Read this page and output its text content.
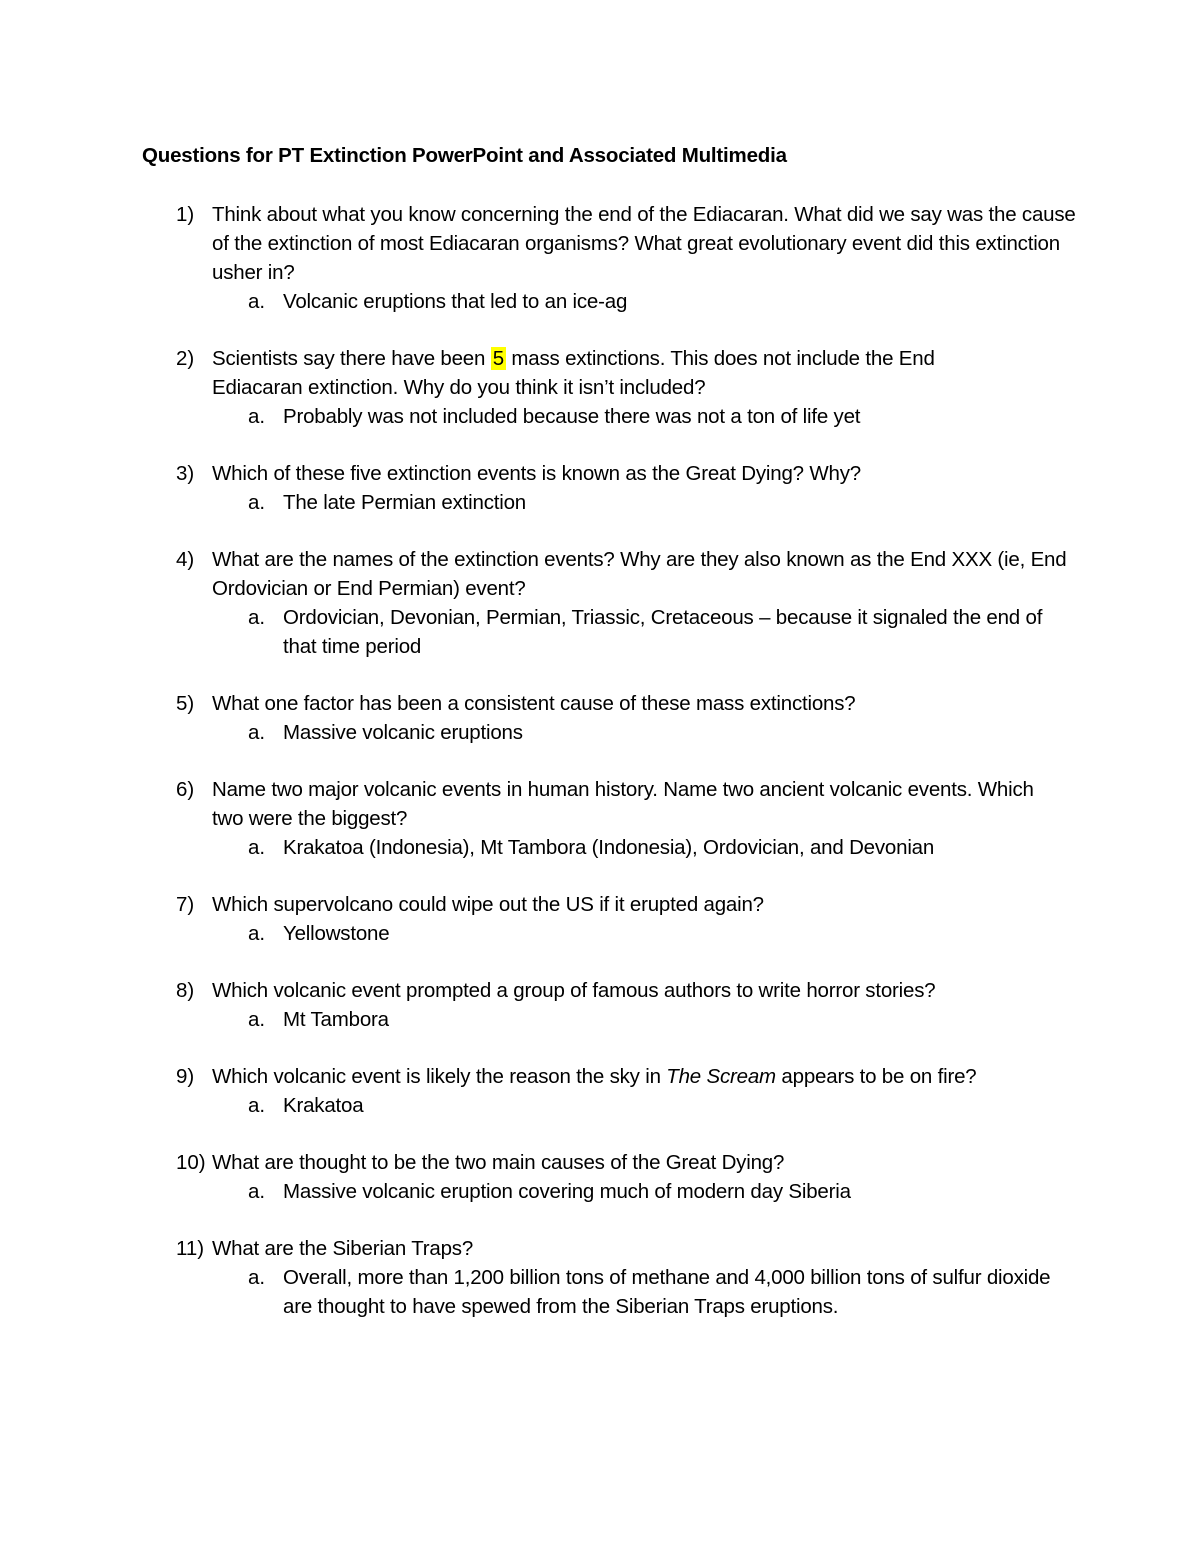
Questions for PT Extinction PowerPoint and Associated Multimedia
1) Think about what you know concerning the end of the Ediacaran. What did we say was the cause of the extinction of most Ediacaran organisms? What great evolutionary event did this extinction usher in?
a. Volcanic eruptions that led to an ice-ag
2) Scientists say there have been 5 mass extinctions. This does not include the End Ediacaran extinction. Why do you think it isn’t included?
a. Probably was not included because there was not a ton of life yet
3) Which of these five extinction events is known as the Great Dying? Why?
a. The late Permian extinction
4) What are the names of the extinction events? Why are they also known as the End XXX (ie, End Ordovician or End Permian) event?
a. Ordovician, Devonian, Permian, Triassic, Cretaceous – because it signaled the end of that time period
5) What one factor has been a consistent cause of these mass extinctions?
a. Massive volcanic eruptions
6) Name two major volcanic events in human history. Name two ancient volcanic events. Which two were the biggest?
a. Krakatoa (Indonesia), Mt Tambora (Indonesia), Ordovician, and Devonian
7) Which supervolcano could wipe out the US if it erupted again?
a. Yellowstone
8) Which volcanic event prompted a group of famous authors to write horror stories?
a. Mt Tambora
9) Which volcanic event is likely the reason the sky in The Scream appears to be on fire?
a. Krakatoa
10) What are thought to be the two main causes of the Great Dying?
a. Massive volcanic eruption covering much of modern day Siberia
11) What are the Siberian Traps?
a. Overall, more than 1,200 billion tons of methane and 4,000 billion tons of sulfur dioxide are thought to have spewed from the Siberian Traps eruptions.
